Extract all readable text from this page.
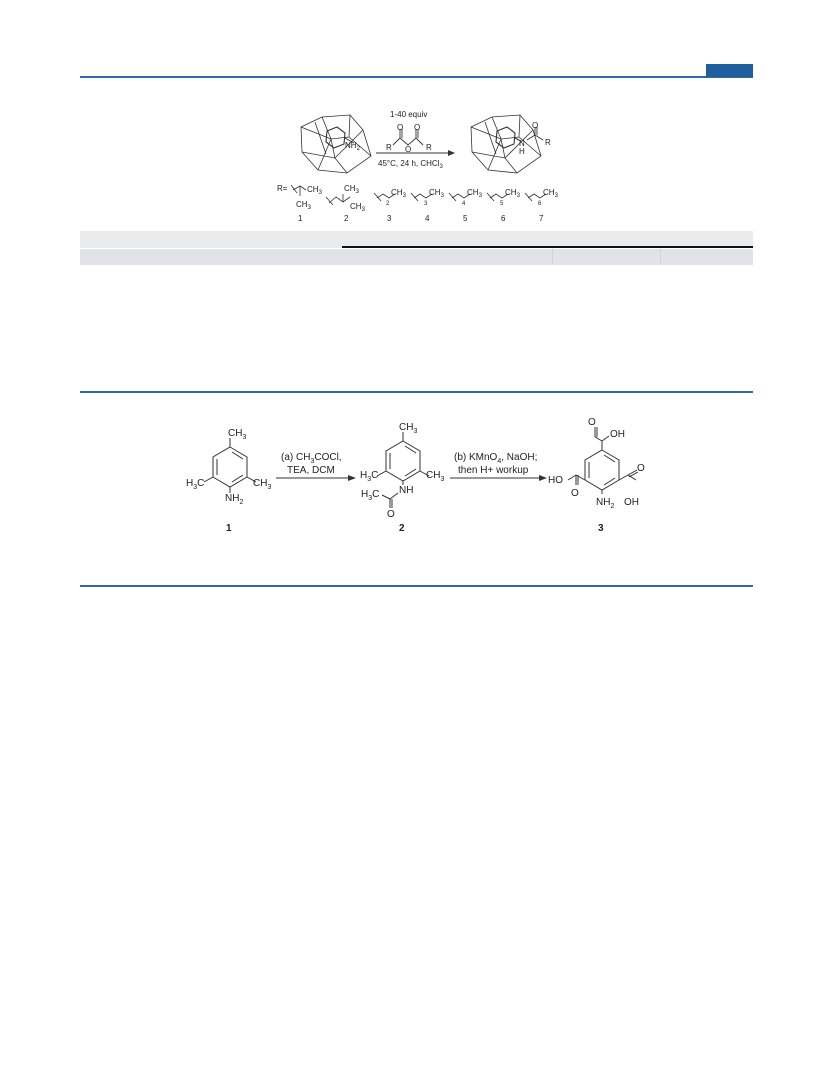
$NH_2$
O O
O
R	R
1-40 equiv
45°C, 24 h, CHCl$_3$
N
H
O
R
$R= CH_3$
$CH_3$
$CH_3$
$CH_3$
$CH_3$
2
$CH_3$
3
$CH_3$
4
$CH_3$
5
$CH_3$
6
1	2	3	4	5	6	7
$CH_3$
$H_3C$	$CH_3$
$NH_2$
1
(a) $CH_3COCl$,
TEA, DCM
$CH_3$
$H_3C$	$CH_3$
NH
$H_3C$
O
2
(b) KMnO$_4$, NaOH;
then H+ workup
O
OH
O
OH
HO
O
$NH_2$
3
